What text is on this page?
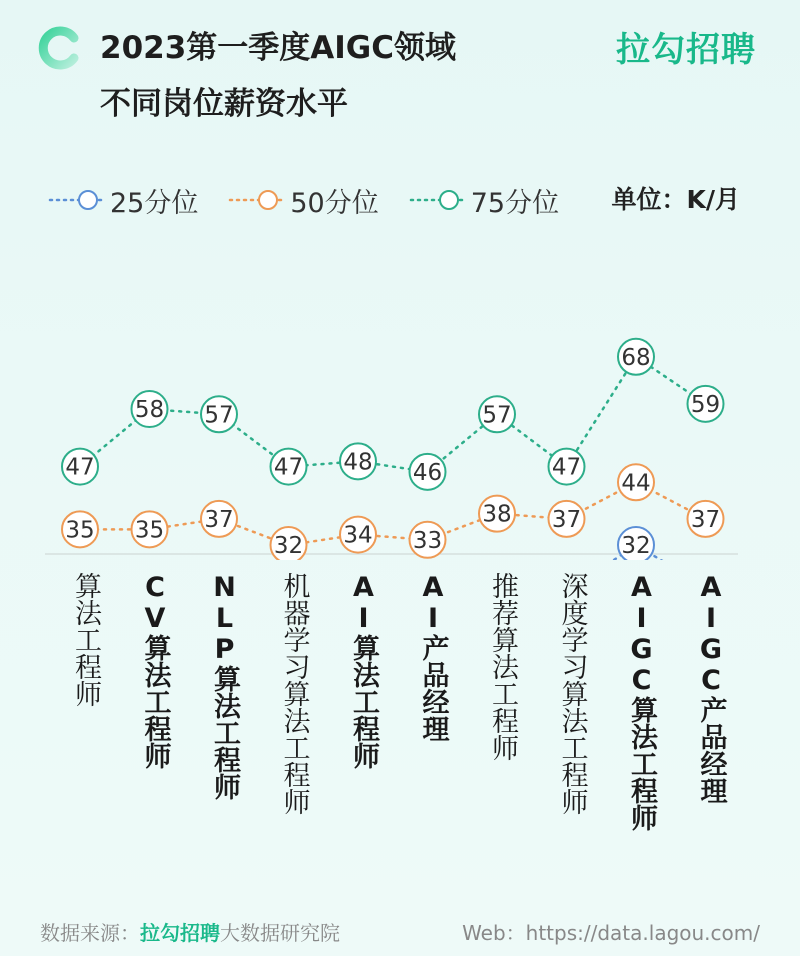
2023第一季度AIGC领域
不同岗位薪资水平
拉勾招聘
25分位	50分位	75分位 单位：K/月
32
35 35 37
32 34 33
38 37
44
37
47
58 57
47 48 46
57
47
68
59
算法工程师	CV算法工程师	NLP算法工程师	机器学习算法工程师	AI算法工程师	AI产品经理	推荐算法工程师	深度学习算法工程师	AIGC算法工程师	AIGC产品经理
数据来源：拉勾招聘大数据研究院	Web：https://data.lagou.com/
